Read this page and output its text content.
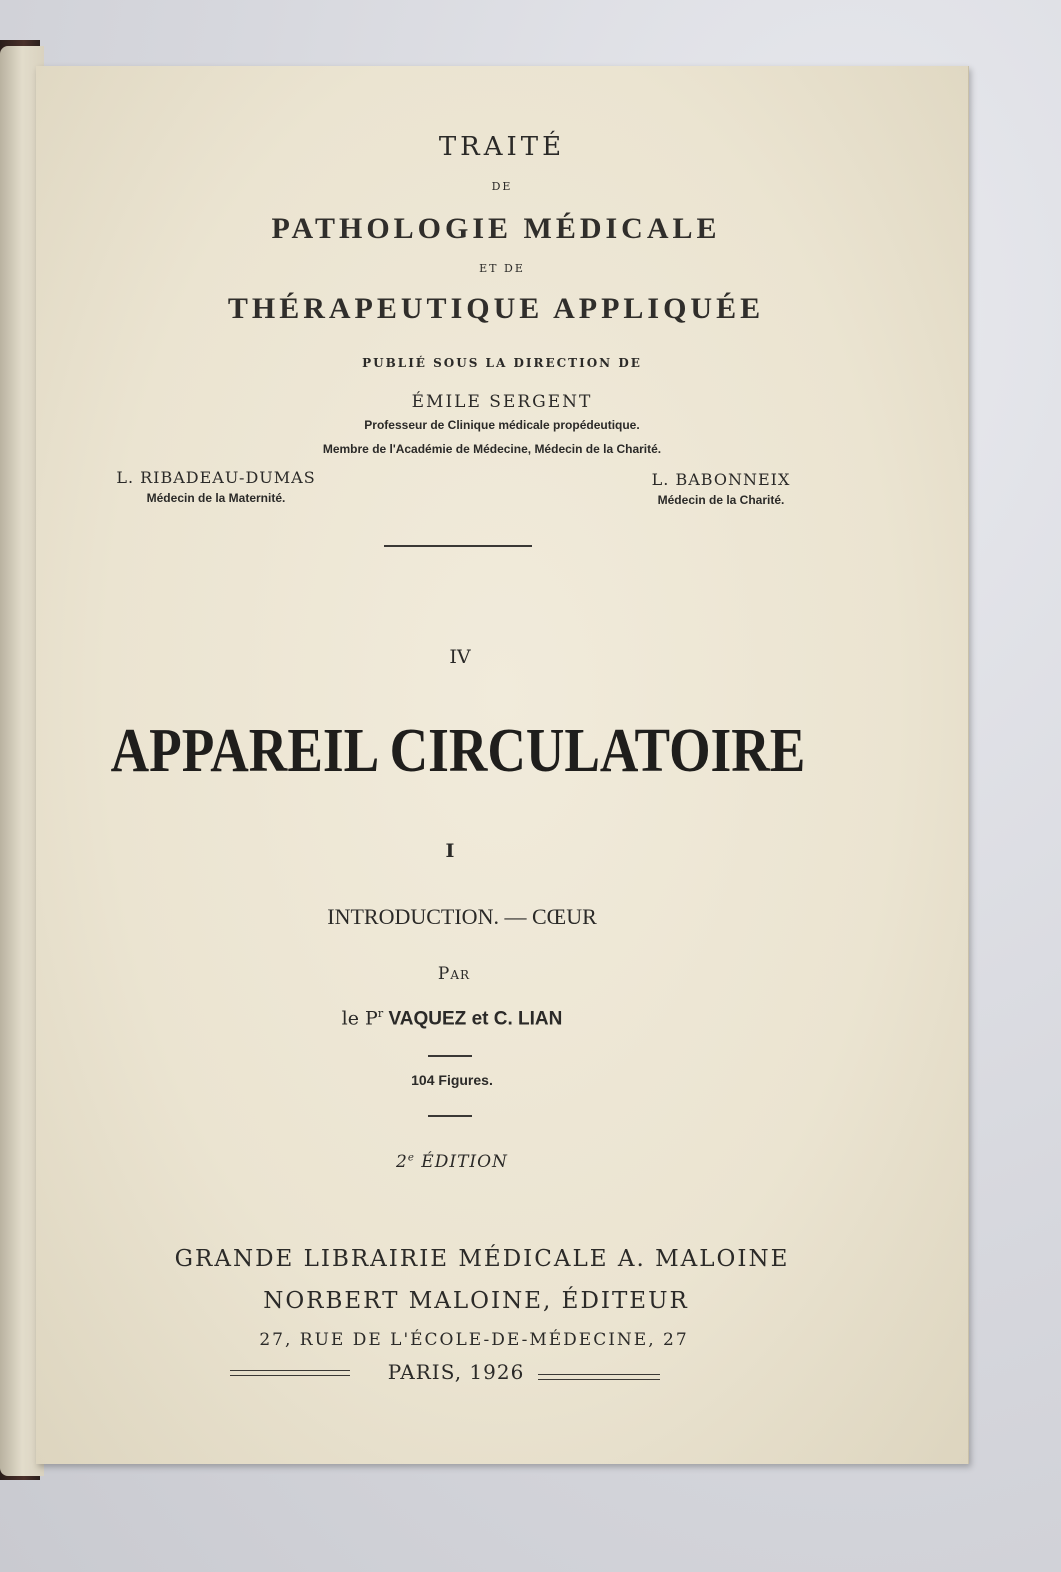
TRAITÉ
DE
PATHOLOGIE MÉDICALE
ET DE
THÉRAPEUTIQUE APPLIQUÉE
PUBLIÉ SOUS LA DIRECTION DE
ÉMILE SERGENT
Professeur de Clinique médicale propédeutique.
Membre de l'Académie de Médecine, Médecin de la Charité.
L. RIBADEAU-DUMAS
Médecin de la Maternité.
L. BABONNEIX
Médecin de la Charité.
IV
APPAREIL CIRCULATOIRE
I
INTRODUCTION. — CŒUR
Par
le $P^r$ VAQUEZ et C. LIAN
104 Figures.
2e ÉDITION
GRANDE LIBRAIRIE MÉDICALE A. MALOINE
NORBERT MALOINE, ÉDITEUR
27, RUE DE L'ÉCOLE-DE-MÉDECINE, 27
PARIS, 1926
